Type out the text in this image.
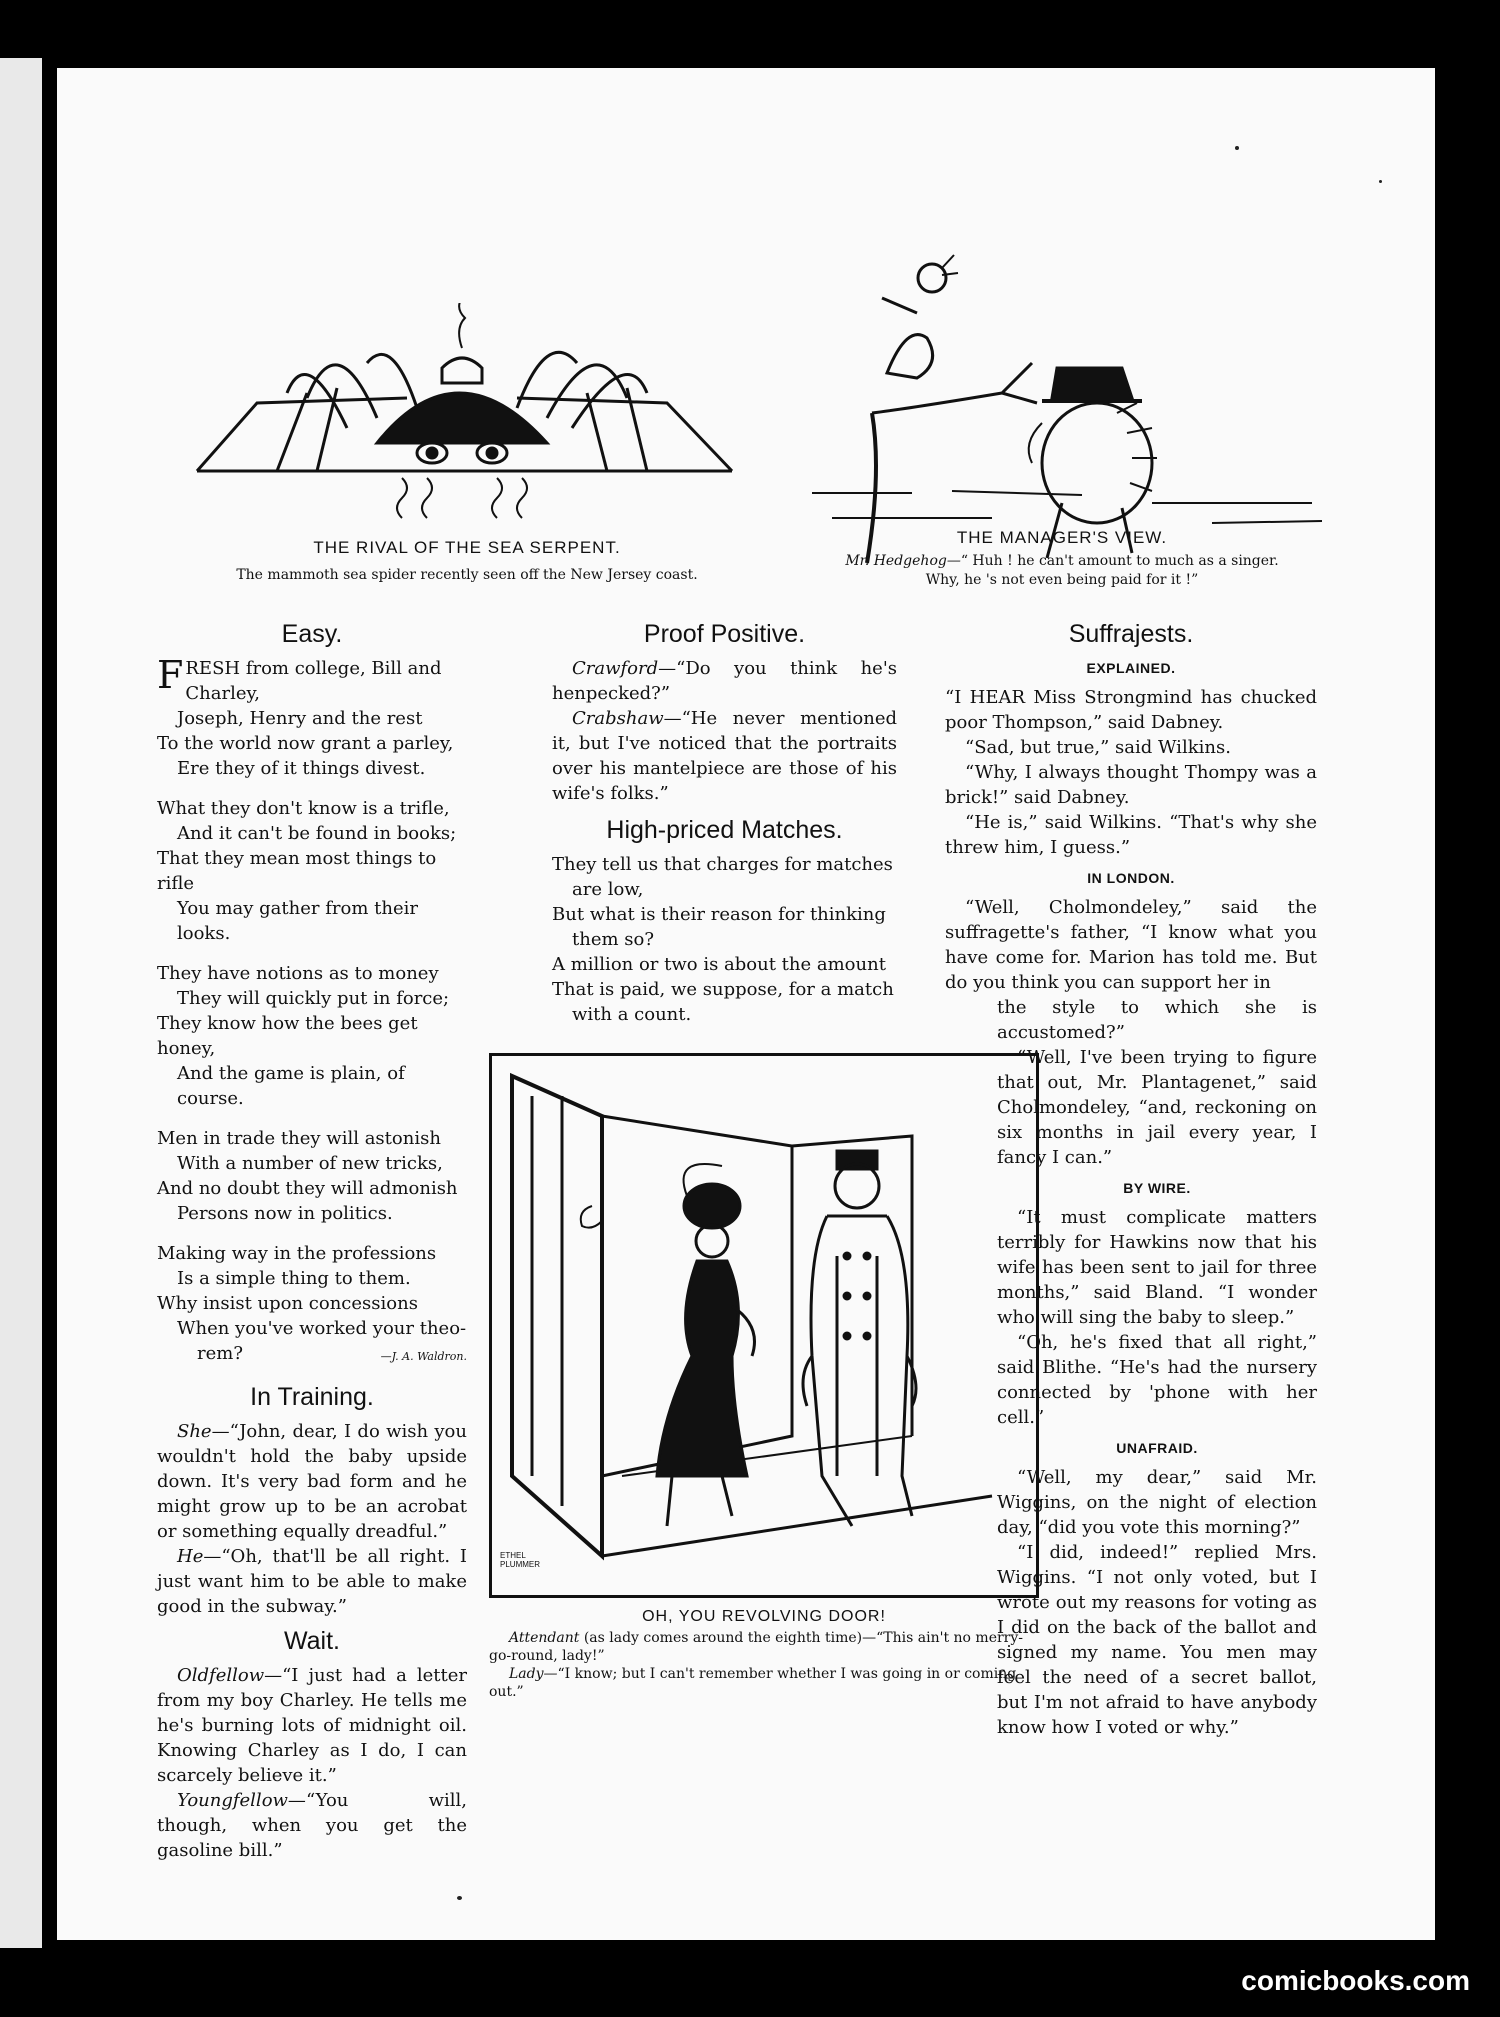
THE RIVAL OF THE SEA SERPENT.
The mammoth sea spider recently seen off the New Jersey coast.
THE MANAGER'S VIEW.
Mr. Hedgehog—“ Huh ! he can't amount to much as a singer.
Why, he 's not even being paid for it !”
Easy.

FRESH from college, Bill and Charley,

Joseph, Henry and the rest

To the world now grant a parley,

Ere they of it things divest.

What they don't know is a trifle,

And it can't be found in books;

That they mean most things to rifle

You may gather from their looks.

They have notions as to money

They will quickly put in force;

They know how the bees get honey,

And the game is plain, of course.

Men in trade they will astonish

With a number of new tricks,

And no doubt they will admonish

Persons now in politics.

Making way in the professions

Is a simple thing to them.

Why insist upon concessions

When you've worked your theo-

rem?	—J. A. Waldron.

In Training.

She—“John, dear, I do wish you wouldn't hold the baby upside down. It's very bad form and he might grow up to be an acrobat or something equally dreadful.”

He—“Oh, that'll be all right. I just want him to be able to make good in the subway.”

Wait.

Oldfellow—“I just had a letter from my boy Charley. He tells me he's burning lots of midnight oil. Knowing Charley as I do, I can scarcely believe it.”

Youngfellow—“You will, though, when you get the gasoline bill.”

Proof Positive.

Crawford—“Do you think he's henpecked?”

Crabshaw—“He never mentioned it, but I've noticed that the portraits over his mantelpiece are those of his wife's folks.”

High-priced Matches.

They tell us that charges for matches

are low,

But what is their reason for thinking

them so?

A million or two is about the amount

That is paid, we suppose, for a match

with a count.

ETHEL PLUMMER
OH, YOU REVOLVING DOOR!

Attendant (as lady comes around the eighth time)—“This ain't no merry-go-round, lady!”

Lady—“I know; but I can't remember whether I was going in or coming out.”

Suffrajests.
EXPLAINED.

“I HEAR Miss Strongmind has chucked poor Thompson,” said Dabney.

“Sad, but true,” said Wilkins.

“Why, I always thought Thompy was a brick!” said Dabney.

“He is,” said Wilkins. “That's why she threw him, I guess.”

IN LONDON.

“Well, Cholmondeley,” said the suffragette's father, “I know what you have come for. Marion has told me. But do you think you can support her in

the style to which she is accustomed?”

“Well, I've been trying to figure that out, Mr. Plantagenet,” said Cholmondeley, “and, reckoning on six months in jail every year, I fancy I can.”

BY WIRE.

“It must complicate matters terribly for Hawkins now that his wife has been sent to jail for three months,” said Bland. “I wonder who will sing the baby to sleep.”

“Oh, he's fixed that all right,” said Blithe. “He's had the nursery connected by 'phone with her cell.”

UNAFRAID.

“Well, my dear,” said Mr. Wiggins, on the night of election day, “did you vote this morning?”

“I did, indeed!” replied Mrs. Wiggins. “I not only voted, but I wrote out my reasons for voting as I did on the back of the ballot and signed my name. You men may feel the need of a secret ballot, but I'm not afraid to have anybody know how I voted or why.”

comicbooks.com
